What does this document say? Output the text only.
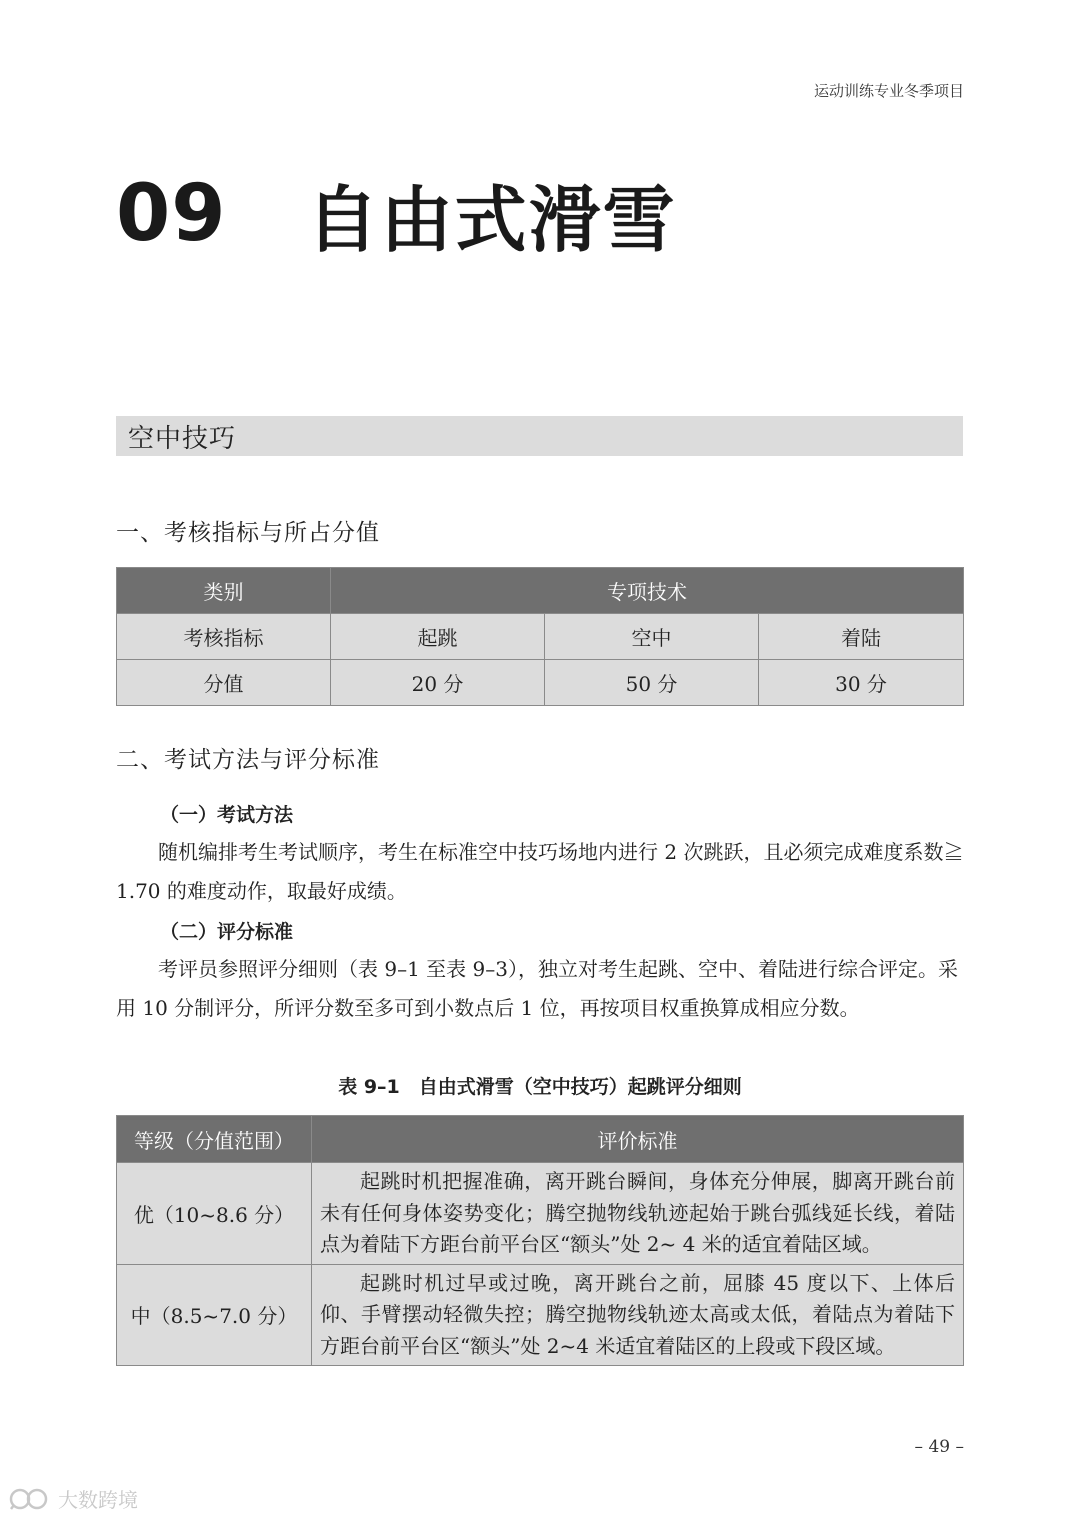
运动训练专业冬季项目
09 自由式滑雪
空中技巧
一、考核指标与所占分值
类别	专项技术		
考核指标	起跳	空中	着陆
分值	20 分	50 分	30 分
二、考试方法与评分标准
（一）考试方法

随机编排考生考试顺序，考生在标准空中技巧场地内进行 2 次跳跃，且必须完成难度系数≧ 1.70 的难度动作，取最好成绩。

（二）评分标准

考评员参照评分细则（表 9–1 至表 9–3），独立对考生起跳、空中、着陆进行综合评定。采用 10 分制评分，所评分数至多可到小数点后 1 位，再按项目权重换算成相应分数。

表 9–1　自由式滑雪（空中技巧）起跳评分细则
等级（分值范围）	评价标准
优（10~8.6 分）	起跳时机把握准确，离开跳台瞬间，身体充分伸展，脚离开跳台前未有任何身体姿势变化；腾空抛物线轨迹起始于跳台弧线延长线，着陆点为着陆下方距台前平台区“额头”处 2~ 4 米的适宜着陆区域。
中（8.5~7.0 分）	起跳时机过早或过晚，离开跳台之前，屈膝 45 度以下、上体后仰、手臂摆动轻微失控；腾空抛物线轨迹太高或太低，着陆点为着陆下方距台前平台区“额头”处 2~4 米适宜着陆区的上段或下段区域。
– 49 –
大数跨境
